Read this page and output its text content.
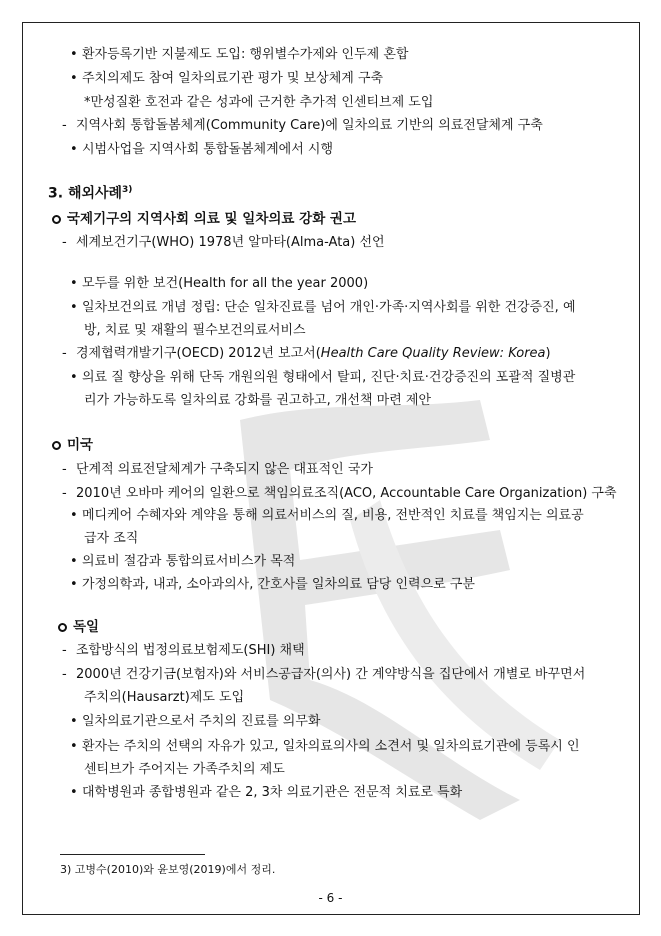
• 환자등록기반 지불제도 도입: 행위별수가제와 인두제 혼합
• 주치의제도 참여 일차의료기관 평가 및 보상체계 구축
*만성질환 호전과 같은 성과에 근거한 추가적 인센티브제 도입
- 지역사회 통합돌봄체계(Community Care)에 일차의료 기반의 의료전달체계 구축
• 시범사업을 지역사회 통합돌봄체계에서 시행
- 세계보건기구(WHO) 1978년 알마타(Alma-Ata) 선언
• 모두를 위한 보건(Health for all the year 2000)
• 일차보건의료 개념 정립: 단순 일차진료를 넘어 개인·가족·지역사회를 위한 건강증진, 예
방, 치료 및 재활의 필수보건의료서비스
- 경제협력개발기구(OECD) 2012년 보고서(Health Care Quality Review: Korea)
• 의료 질 향상을 위해 단독 개원의원 형태에서 탈피, 진단·치료·건강증진의 포괄적 질병관
리가 가능하도록 일차의료 강화를 권고하고, 개선책 마련 제안
- 단계적 의료전달체계가 구축되지 않은 대표적인 국가
- 2010년 오바마 케어의 일환으로 책임의료조직(ACO, Accountable Care Organization) 구축
• 메디케어 수혜자와 계약을 통해 의료서비스의 질, 비용, 전반적인 치료를 책임지는 의료공
급자 조직
• 의료비 절감과 통합의료서비스가 목적
• 가정의학과, 내과, 소아과의사, 간호사를 일차의료 담당 인력으로 구분
- 조합방식의 법정의료보험제도(SHI) 채택
- 2000년 건강기금(보험자)와 서비스공급자(의사) 간 계약방식을 집단에서 개별로 바꾸면서
주치의(Hausarzt)제도 도입
• 일차의료기관으로서 주치의 진료를 의무화
• 환자는 주치의 선택의 자유가 있고, 일차의료의사의 소견서 및 일차의료기관에 등록시 인
센티브가 주어지는 가족주치의 제도
• 대학병원과 종합병원과 같은 2, 3차 의료기관은 전문적 치료로 특화
3. 해외사례$^{3)}$
국제기구의 지역사회 의료 및 일차의료 강화 권고
미국
독일
3) 고병수(2010)와 윤보영(2019)에서 정리.
- 6 -
